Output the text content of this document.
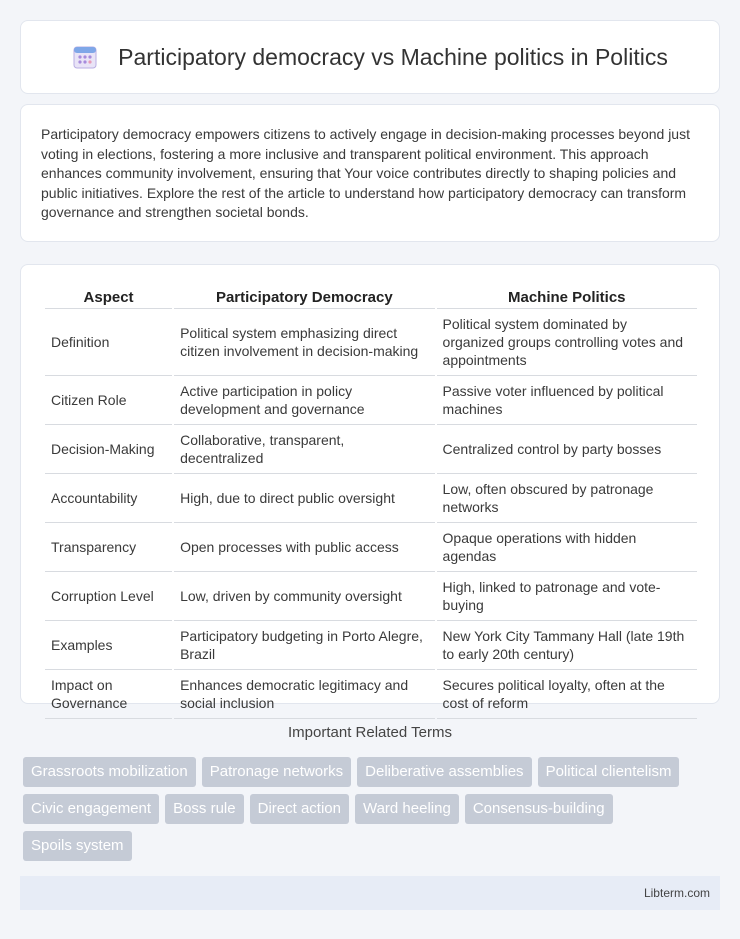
Participatory democracy vs Machine politics in Politics

Participatory democracy empowers citizens to actively engage in decision-making processes beyond just voting in elections, fostering a more inclusive and transparent political environment. This approach enhances community involvement, ensuring that Your voice contributes directly to shaping policies and public initiatives. Explore the rest of the article to understand how participatory democracy can transform governance and strengthen societal bonds.

Aspect	Participatory Democracy	Machine Politics
Definition	Political system emphasizing direct citizen involvement in decision-making	Political system dominated by organized groups controlling votes and appointments
Citizen Role	Active participation in policy development and governance	Passive voter influenced by political machines
Decision-Making	Collaborative, transparent, decentralized	Centralized control by party bosses
Accountability	High, due to direct public oversight	Low, often obscured by patronage networks
Transparency	Open processes with public access	Opaque operations with hidden agendas
Corruption Level	Low, driven by community oversight	High, linked to patronage and vote-buying
Examples	Participatory budgeting in Porto Alegre, Brazil	New York City Tammany Hall (late 19th to early 20th century)
Impact on Governance	Enhances democratic legitimacy and social inclusion	Secures political loyalty, often at the cost of reform
Important Related Terms
Grassroots mobilization	Patronage networks	Deliberative assemblies	Political clientelism
Civic engagement	Boss rule	Direct action	Ward heeling	Consensus-building
Spoils system
Libterm.com
